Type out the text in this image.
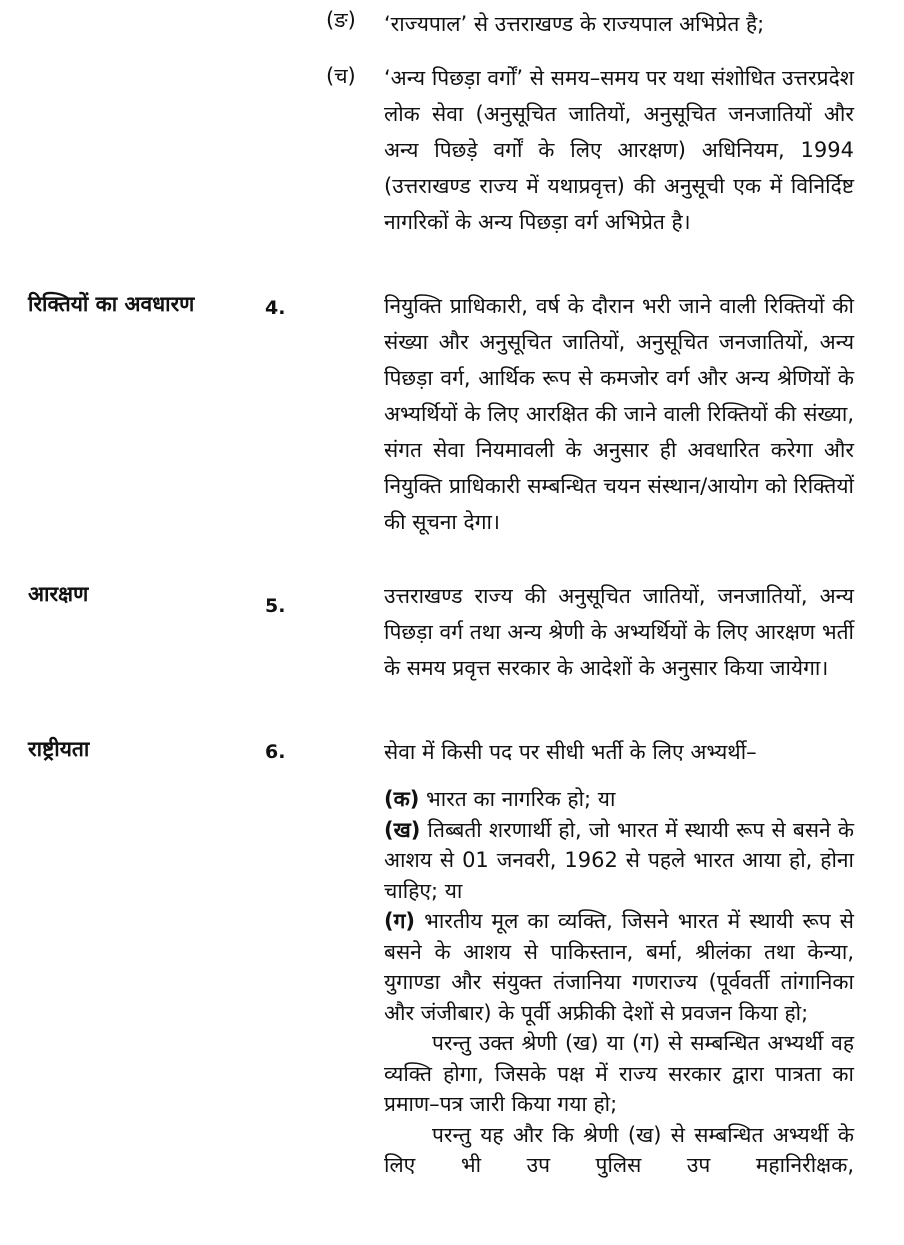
(ङ)	‘राज्यपाल’ से उत्तराखण्ड के राज्यपाल अभिप्रेत है;

(च)	‘अन्य पिछड़ा वर्गों’ से समय–समय पर यथा संशोधित उत्तरप्रदेश लोक सेवा (अनुसूचित जातियों, अनुसूचित जनजातियों और अन्य पिछड़े वर्गों के लिए आरक्षण) अधिनियम, 1994 (उत्तराखण्ड राज्य में यथाप्रवृत्त) की अनुसूची एक में विनिर्दिष्ट नागरिकों के अन्य पिछड़ा वर्ग अभिप्रेत है।

रिक्तियों का अवधारण	4.	नियुक्ति प्राधिकारी, वर्ष के दौरान भरी जाने वाली रिक्तियों की संख्या और अनुसूचित जातियों, अनुसूचित जनजातियों, अन्य पिछड़ा वर्ग, आर्थिक रूप से कमजोर वर्ग और अन्य श्रेणियों के अभ्यर्थियों के लिए आरक्षित की जाने वाली रिक्तियों की संख्या, संगत सेवा नियमावली के अनुसार ही अवधारित करेगा और नियुक्ति प्राधिकारी सम्बन्धित चयन संस्थान/आयोग को रिक्तियों की सूचना देगा।

आरक्षण	5.	उत्तराखण्ड राज्य की अनुसूचित जातियों, जनजातियों, अन्य पिछड़ा वर्ग तथा अन्य श्रेणी के अभ्यर्थियों के लिए आरक्षण भर्ती के समय प्रवृत्त सरकार के आदेशों के अनुसार किया जायेगा।

राष्ट्रीयता	6.	सेवा में किसी पद पर सीधी भर्ती के लिए अभ्यर्थी–

(क) भारत का नागरिक हो; या

(ख) तिब्बती शरणार्थी हो, जो भारत में स्थायी रूप से बसने के आशय से 01 जनवरी, 1962 से पहले भारत आया हो, होना चाहिए; या

(ग) भारतीय मूल का व्यक्ति, जिसने भारत में स्थायी रूप से बसने के आशय से पाकिस्तान, बर्मा, श्रीलंका तथा केन्या, युगाण्डा और संयुक्त तंजानिया गणराज्य (पूर्ववर्ती तांगानिका और जंजीबार) के पूर्वी अफ्रीकी देशों से प्रवजन किया हो;

परन्तु उक्त श्रेणी (ख) या (ग) से सम्बन्धित अभ्यर्थी वह व्यक्ति होगा, जिसके पक्ष में राज्य सरकार द्वारा पात्रता का प्रमाण–पत्र जारी किया गया हो;

परन्तु यह और कि श्रेणी (ख) से सम्बन्धित अभ्यर्थी के लिए भी उप पुलिस उप महानिरीक्षक,
